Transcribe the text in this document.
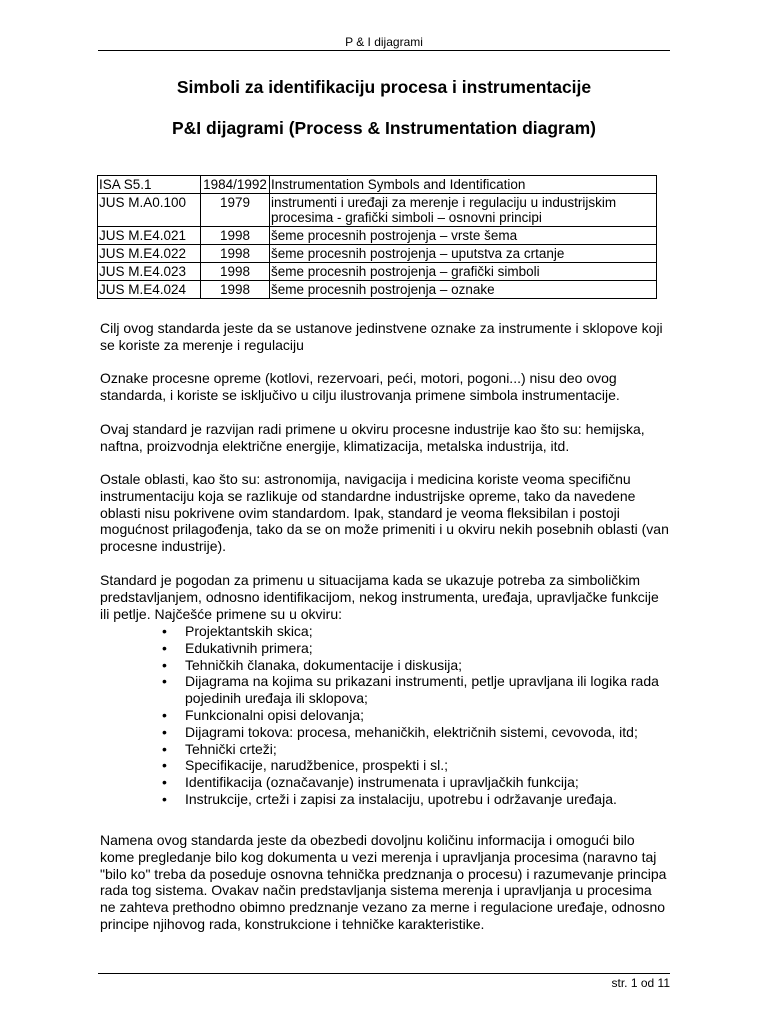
P & I dijagrami
Simboli za identifikaciju procesa i instrumentacije
P&I dijagrami (Process & Instrumentation diagram)
ISA S5.1	1984/1992	Instrumentation Symbols and Identification
JUS M.A0.100	1979	instrumenti i uređaji za merenje i regulaciju u industrijskim procesima - grafički simboli – osnovni principi
JUS M.E4.021	1998	šeme procesnih postrojenja – vrste šema
JUS M.E4.022	1998	šeme procesnih postrojenja – uputstva za crtanje
JUS M.E4.023	1998	šeme procesnih postrojenja – grafički simboli
JUS M.E4.024	1998	šeme procesnih postrojenja – oznake

Cilj ovog standarda jeste da se ustanove jedinstvene oznake za instrumente i sklopove koji se koriste za merenje i regulaciju

Oznake procesne opreme (kotlovi, rezervoari, peći, motori, pogoni...) nisu deo ovog standarda, i koriste se isključivo u cilju ilustrovanja primene simbola instrumentacije.

Ovaj standard je razvijan radi primene u okviru procesne industrije kao što su: hemijska, naftna, proizvodnja električne energije, klimatizacija, metalska industrija, itd.

Ostale oblasti, kao što su: astronomija, navigacija i medicina koriste veoma specifičnu instrumentaciju koja se razlikuje od standardne industrijske opreme, tako da navedene oblasti nisu pokrivene ovim standardom. Ipak, standard je veoma fleksibilan i postoji mogućnost prilagođenja, tako da se on može primeniti i u okviru nekih posebnih oblasti (van procesne industrije).

Standard je pogodan za primenu u situacijama kada se ukazuje potreba za simboličkim predstavljanjem, odnosno identifikacijom, nekog instrumenta, uređaja, upravljačke funkcije ili petlje. Najčešće primene su u okviru:

• Projektantskih skica;
• Edukativnih primera;
• Tehničkih članaka, dokumentacije i diskusija;
• Dijagrama na kojima su prikazani instrumenti, petlje upravljana ili logika rada pojedinih uređaja ili sklopova;
• Funkcionalni opisi delovanja;
• Dijagrami tokova: procesa, mehaničkih, električnih sistemi, cevovoda, itd;
• Tehnički crteži;
• Specifikacije, narudžbenice, prospekti i sl.;
• Identifikacija (označavanje) instrumenata i upravljačkih funkcija;
• Instrukcije, crteži i zapisi za instalaciju, upotrebu i održavanje uređaja.

Namena ovog standarda jeste da obezbedi dovoljnu količinu informacija i omogući bilo kome pregledanje bilo kog dokumenta u vezi merenja i upravljanja procesima (naravno taj "bilo ko" treba da poseduje osnovna tehnička predznanja o procesu) i razumevanje principa rada tog sistema. Ovakav način predstavljanja sistema merenja i upravljanja u procesima ne zahteva prethodno obimno predznanje vezano za merne i regulacione uređaje, odnosno principe njihovog rada, konstrukcione i tehničke karakteristike.

str. 1 od 11
